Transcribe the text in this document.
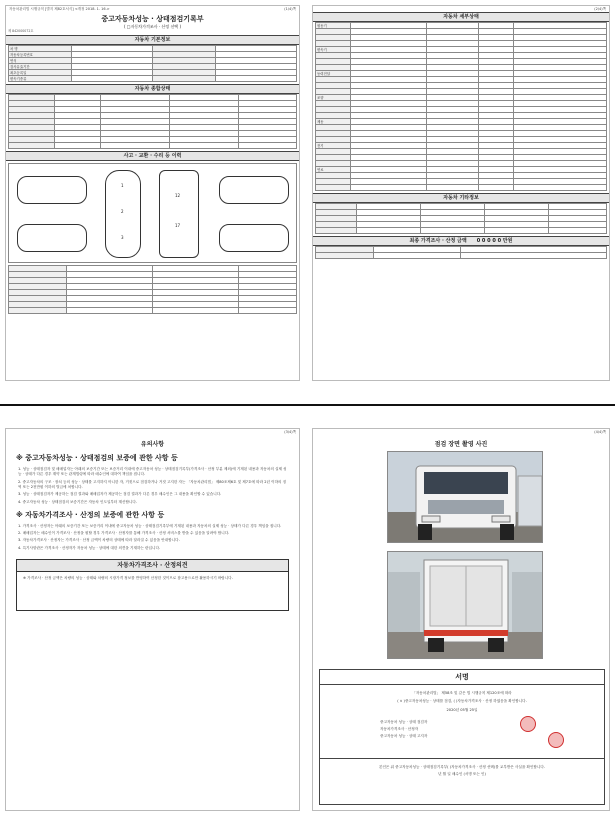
자동차관리법 시행규칙 [별지 제82호서식] <개정 2018. 1. 16.>	(1/4)쪽
중고자동차성능 · 상태점검기록부
( □자동차가격조사 · 산정 선택 )
제 842000072호
자동차 기본정보
차 명
자동차등록번호
연식
검사유효기간
최초등록일
변속기종류
자동차 종합상태
사고 · 교환 · 수리 등 이력
1
2
3
12
17
(2/4)쪽
자동차 세부상태
원동기
변속기
동력전달
조향
제동
전기
연료
자동차 기타정보
최종 가격조사 · 산정 금액 0 0 0 0 0 만원
(3/4)쪽
유의사항
※ 중고자동차성능 · 상태점검의 보증에 관한 사항 등

1. 성능 · 상태점검자 및 매매업자는 아래의 보증기간 또는 보증거리 이내에 중고자동차 성능 · 상태점검기록부(가격조사 · 산정 부분 제외)에 기재된 내용과 자동차의 실제 성능 · 상태가 다른 경우 계약 또는 관계법령에 따라 매수인에 대하여 책임을 집니다.

2. 중고자동차의 구조 · 장치 등의 성능 · 상태를 고지하지 아니한 자, 거짓으로 점검하거나 거짓 고지한 자는 「자동차관리법」 제80조제6호 및 제7호에 따라 2년 이하의 징역 또는 2천만원 이하의 벌금에 처합니다.

3. 성능 · 상태점검자가 제공하는 점검 결과와 매매업자가 제공하는 점검 결과가 다른 경우 매수인은 그 내용을 확인할 수 있습니다.

4. 중고자동차 성능 · 상태점검의 보증기간은 자동차 인도일부터 계산합니다.

※ 자동차가격조사 · 산정의 보증에 관한 사항 등

1. 가격조사 · 산정자는 아래의 보증기간 또는 보증거리 이내에 중고자동차 성능 · 상태점검기록부에 기재된 내용과 자동차의 실제 성능 · 상태가 다른 경우 책임을 집니다.

2. 매매업자는 매수인이 가격조사 · 산정을 원할 경우 가격조사 · 산정자를 통해 가격조사 · 산정 서비스를 받을 수 있음을 알려야 합니다.

3. 자동차가격조사 · 산정자는 가격조사 · 산정 금액이 차량의 상태에 따라 달라질 수 있음을 안내합니다.

4. 특기사항란은 가격조사 · 산정자가 자동차 성능 · 상태에 대한 의견을 기재하는 란입니다.

자동차가격조사 · 산정의견

※ 가격조사 · 산정 금액은 차량의 성능 · 상태와 차량의 시장가격 정보를 반영하여 산정한 것이므로 참고용으로만 활용하시기 바랍니다.

(4/4)쪽
점검 장면 촬영 사진
서명

「자동차관리법」 제58조 및 같은 법 시행규칙 제120조에 따라

( ∨ )중고자동차성능 · 상태를 점검, ( )자동차가격조사 · 산정 하였음을 확인합니다.

2020년 05월 25일

중고자동차 성능 · 상태 점검자

자동차가격조사 · 산정자

중고자동차 성능 · 상태 고지자

본인은 위 중고자동차성능 · 상태점검기록부( )자동차가격조사 · 산정 선택)를 교부받은 사실을 확인합니다.

년 월 일 매수인 (서명 또는 인)
